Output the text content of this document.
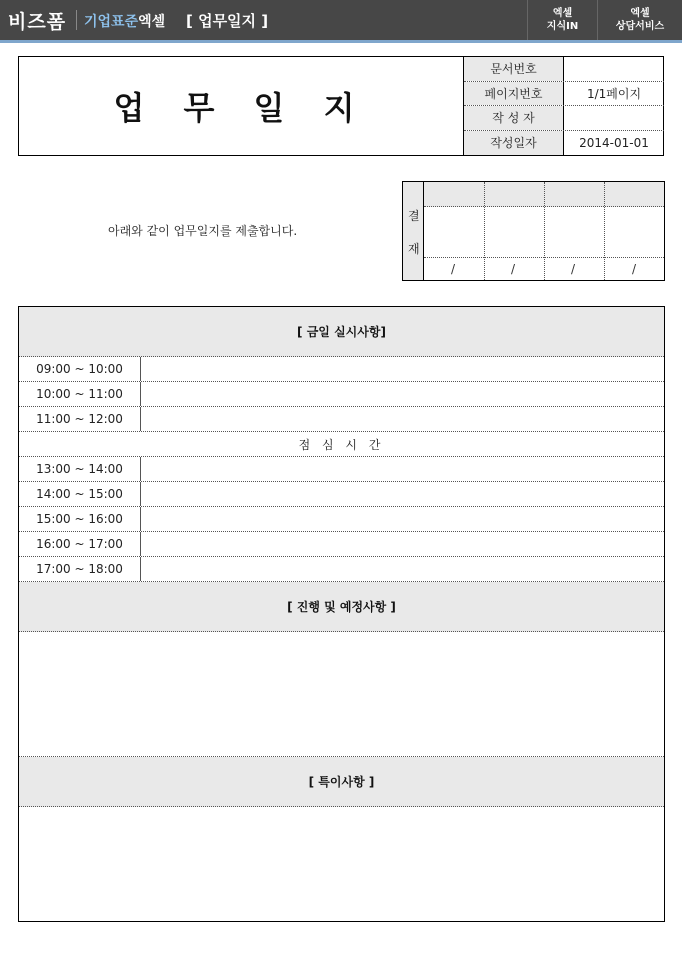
비즈폼 기업표준엑셀 [ 업무일지 ]	엑셀
지식IN
엑셀
상담서비스
업 무 일 지
문서번호
페이지번호	1/1페이지
작 성 자
작성일자	2014-01-01
아래와 같이 업무일지를 제출합니다.
결
재
/	/	/	/
[ 금일 실시사항]
09:00 ~ 10:00
10:00 ~ 11:00
11:00 ~ 12:00
점 심 시 간
13:00 ~ 14:00
14:00 ~ 15:00
15:00 ~ 16:00
16:00 ~ 17:00
17:00 ~ 18:00
[ 진행 및 예정사항 ]
[ 특이사항 ]
